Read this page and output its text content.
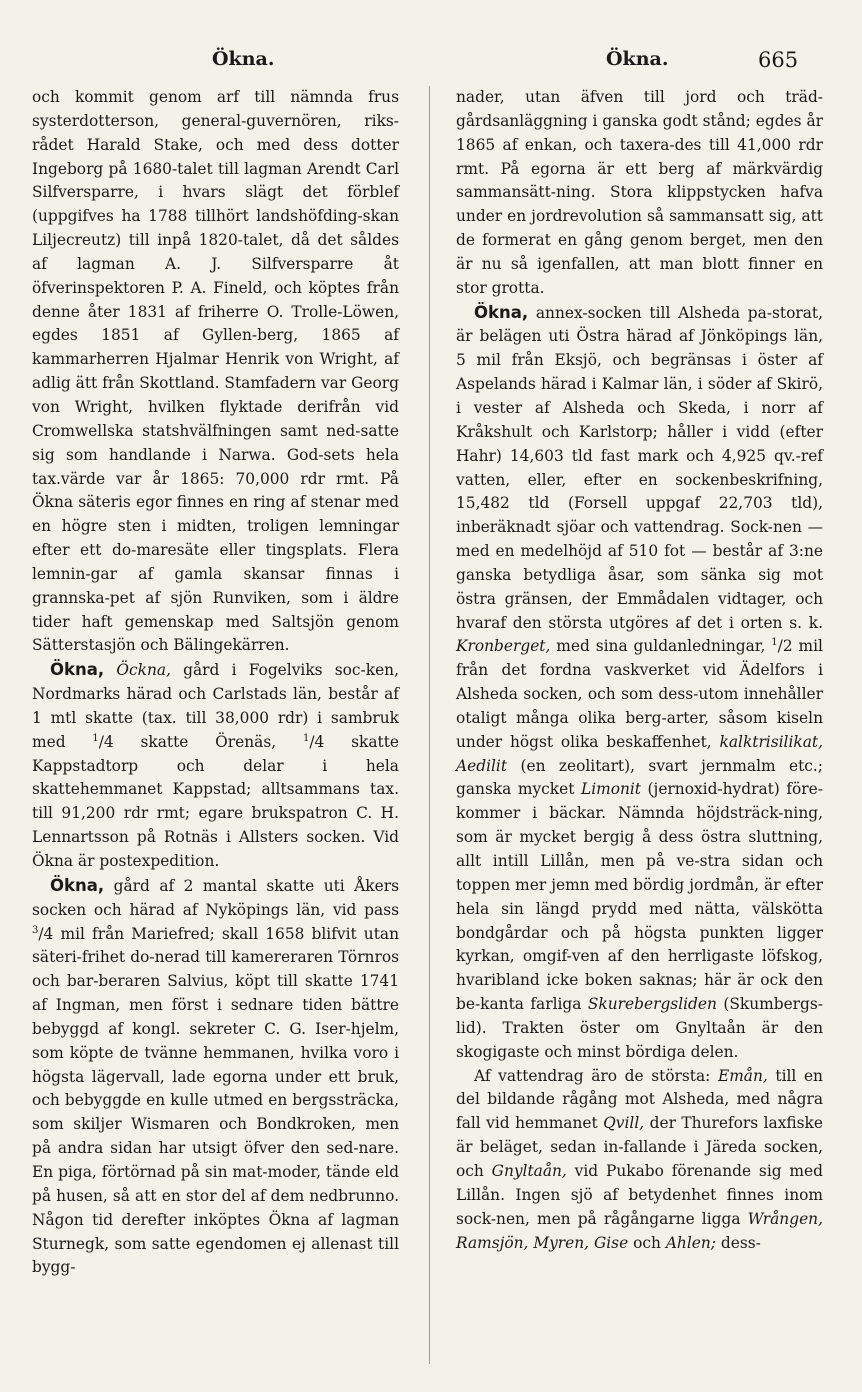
Ökna.	Ökna.	665

och kommit genom arf till nämnda frus systerdotterson, general-guvernören, riks-rådet Harald Stake, och med dess dotter Ingeborg på 1680-talet till lagman Arendt Carl Silfversparre, i hvars slägt det förblef (uppgifves ha 1788 tillhört landshöfding-skan Liljecreutz) till inpå 1820-talet, då det såldes af lagman A. J. Silfversparre åt öfverinspektoren P. A. Fineld, och köptes från denne åter 1831 af friherre O. Trolle-Löwen, egdes 1851 af Gyllen-berg, 1865 af kammarherren Hjalmar Henrik von Wright, af adlig ätt från Skottland. Stamfadern var Georg von Wright, hvilken flyktade derifrån vid Cromwellska statshvälfningen samt ned-satte sig som handlande i Narwa. God-sets hela tax.värde var år 1865: 70,000 rdr rmt. På Ökna säteris egor finnes en ring af stenar med en högre sten i midten, troligen lemningar efter ett do-maresäte eller tingsplats. Flera lemnin-gar af gamla skansar finnas i grannska-pet af sjön Runviken, som i äldre tider haft gemenskap med Saltsjön genom Sätterstasjön och Bälingekärren.

Ökna, Öckna, gård i Fogelviks soc-ken, Nordmarks härad och Carlstads län, består af 1 mtl skatte (tax. till 38,000 rdr) i sambruk med	$^1$/4 skatte Örenäs,	$^1$/4 skatte Kappstadtorp och delar i hela skattehemmanet Kappstad; alltsammans tax. till 91,200 rdr rmt; egare brukspatron C. H. Lennartsson på Rotnäs i Allsters socken. Vid Ökna är postexpedition.

Ökna, gård af 2 mantal skatte uti Åkers socken och härad af Nyköpings län, vid pass $^3$/4 mil från Mariefred; skall 1658 blifvit utan säteri-frihet do-nerad till kamereraren Törnros och bar-beraren Salvius, köpt till skatte 1741 af Ingman, men först i sednare tiden bättre bebyggd af kongl. sekreter C. G. Iser-hjelm, som köpte de tvänne hemmanen, hvilka voro i högsta lägervall, lade egorna under ett bruk, och bebyggde en kulle utmed en bergssträcka, som skiljer Wismaren och Bondkroken, men på andra sidan har utsigt öfver den sed-nare. En piga, förtörnad på sin mat-moder, tände eld på husen, så att en stor del af dem nedbrunno. Någon tid derefter inköptes Ökna af lagman Sturnegk, som satte egendomen ej allenast till bygg-

nader, utan äfven till jord och träd-gårdsanläggning i ganska godt stånd; egdes år 1865 af enkan, och taxera-des till 41,000 rdr rmt. På egorna är ett berg af märkvärdig sammansätt-ning. Stora klippstycken hafva under en jordrevolution så sammansatt sig, att de formerat en gång genom berget, men den är nu så igenfallen, att man blott finner en stor grotta.

Ökna, annex-socken till Alsheda pa-storat, är belägen uti Östra härad af Jönköpings län, 5 mil från Eksjö, och begränsas i öster af Aspelands härad i Kalmar län, i söder af Skirö, i vester af Alsheda och Skeda, i norr af Kråkshult och Karlstorp; håller i vidd (efter Hahr) 14,603 tld fast mark och 4,925 qv.-ref vatten, eller, efter en sockenbeskrifning, 15,482 tld (Forsell uppgaf 22,703 tld), inberäknadt sjöar och vattendrag. Sock-nen — med en medelhöjd af 510 fot — består af 3:ne ganska betydliga åsar, som sänka sig mot östra gränsen, der Emmådalen vidtager, och hvaraf den största utgöres af det i orten s. k. Kronberget, med sina guldanledningar, $^1$/2 mil från det fordna vaskverket vid Ädelfors i Alsheda socken, och som dess-utom innehåller otaligt många olika berg-arter, såsom kiseln under högst olika beskaffenhet, kalktrisilikat, Aedilit (en zeolitart), svart jernmalm etc.; ganska mycket Limonit (jernoxid-hydrat) före-kommer i bäckar. Nämnda höjdsträck-ning, som är mycket bergig å dess östra sluttning, allt intill Lillån, men på ve-stra sidan och toppen mer jemn med bördig jordmån, är efter hela sin längd prydd med nätta, välskötta bondgårdar och på högsta punkten ligger kyrkan, omgif-ven af den herrligaste löfskog, hvaribland icke boken saknas; här är ock den be-kanta farliga Skurebergsliden (Skumbergs-lid). Trakten öster om Gnyltaån är den skogigaste och minst bördiga delen.

Af vattendrag äro de största: Emån, till en del bildande rågång mot Alsheda, med några fall vid hemmanet Qvill, der Thurefors laxfiske är beläget, sedan in-fallande i Järeda socken, och Gnyltaån, vid Pukabo förenande sig med Lillån. Ingen sjö af betydenhet finnes inom sock-nen, men på rågångarne ligga Wrången, Ramsjön, Myren, Gise och Ahlen; dess-
